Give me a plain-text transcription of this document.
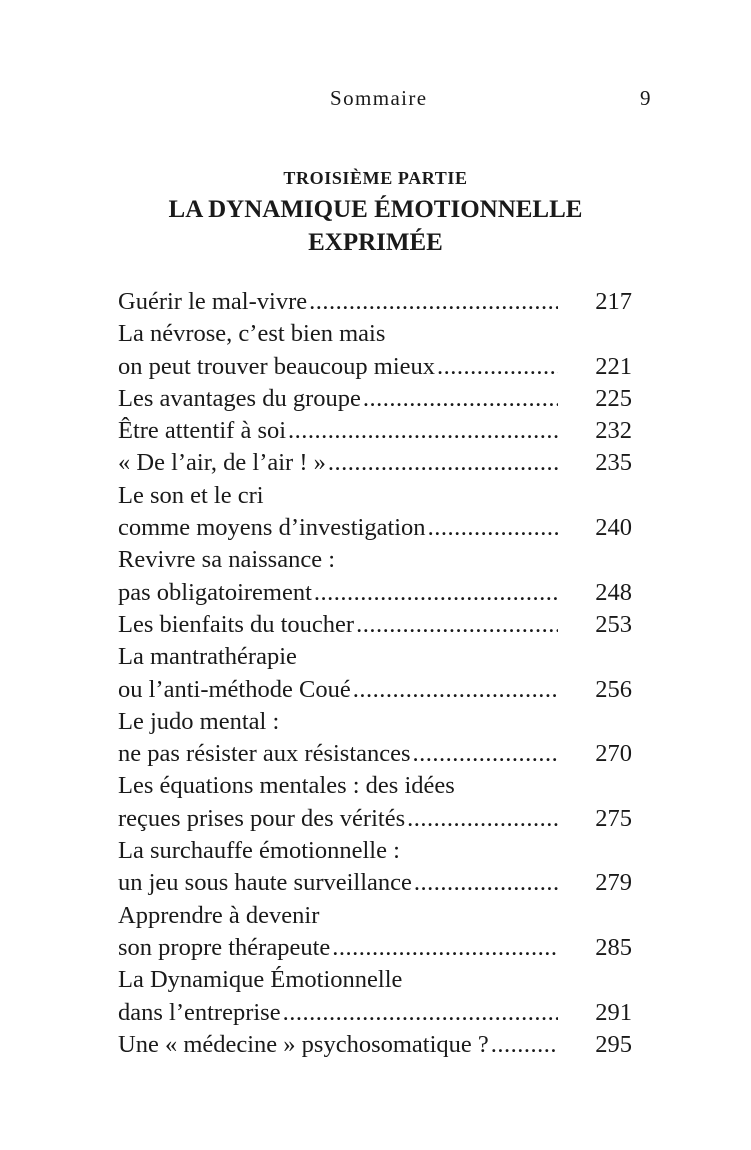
Sommaire	9
TROISIÈME PARTIE
LA DYNAMIQUE ÉMOTIONNELLE
EXPRIMÉE
Guérir le mal-vivre .....	217
La névrose, c’est bien mais
on peut trouver beaucoup mieux .....	221
Les avantages du groupe .....	225
Être attentif à soi .....	232
« De l’air, de l’air ! » .....	235
Le son et le cri
comme moyens d’investigation .....	240
Revivre sa naissance :
pas obligatoirement .....	248
Les bienfaits du toucher .....	253
La mantrathérapie
ou l’anti-méthode Coué .....	256
Le judo mental :
ne pas résister aux résistances .....	270
Les équations mentales : des idées
reçues prises pour des vérités .....	275
La surchauffe émotionnelle :
un jeu sous haute surveillance .....	279
Apprendre à devenir
son propre thérapeute .....	285
La Dynamique Émotionnelle
dans l’entreprise .....	291
Une « médecine » psychosomatique ? .....	295
